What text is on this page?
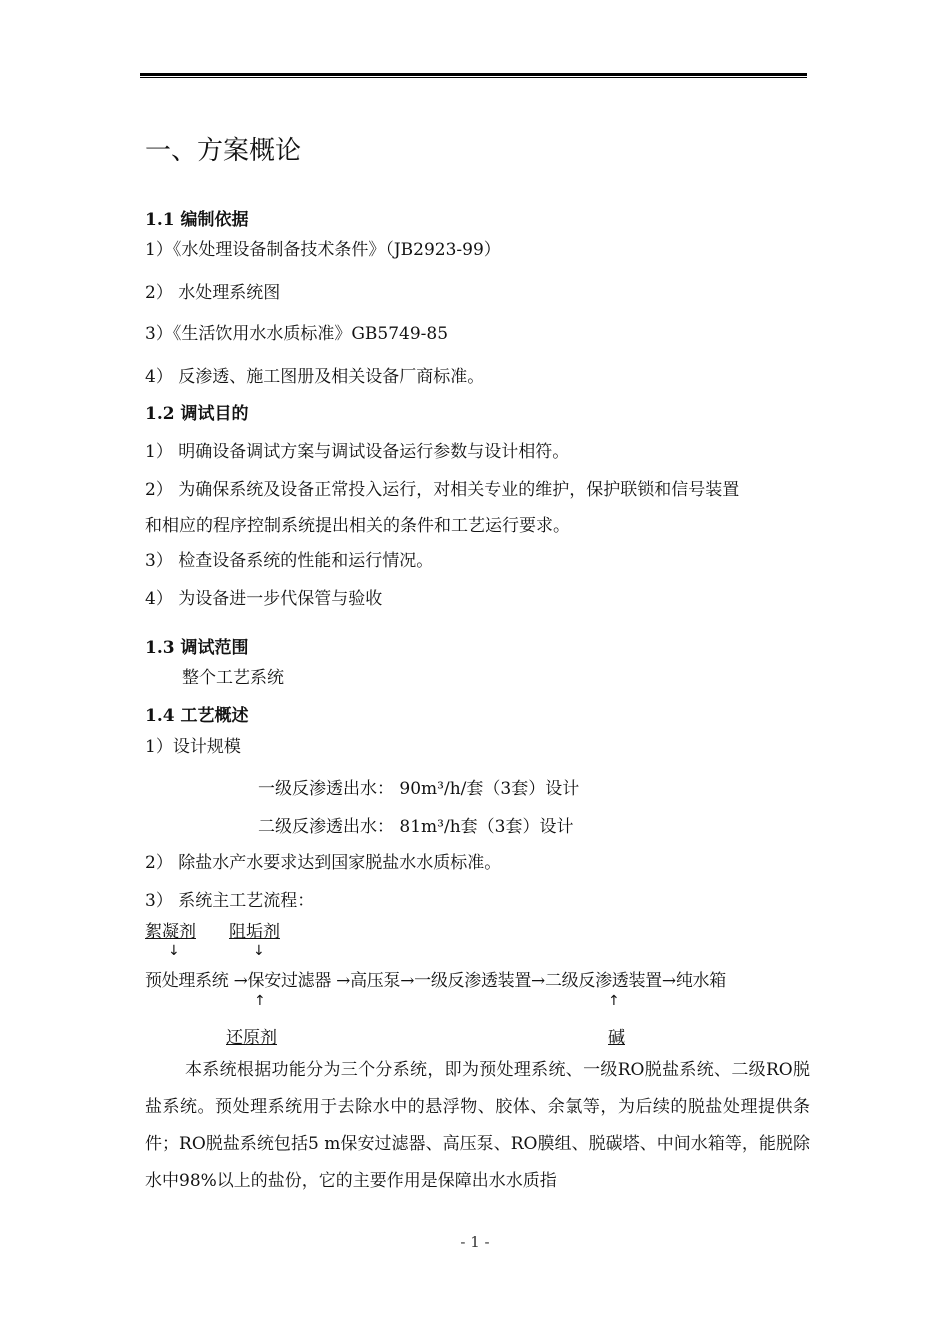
一、方案概论
1.1 编制依据
1）《水处理设备制备技术条件》（JB2923-99）
2） 水处理系统图
3）《生活饮用水水质标准》GB5749-85
4） 反渗透、施工图册及相关设备厂商标准。
1.2 调试目的
1） 明确设备调试方案与调试设备运行参数与设计相符。
2） 为确保系统及设备正常投入运行，对相关专业的维护，保护联锁和信号装置
和相应的程序控制系统提出相关的条件和工艺运行要求。
3） 检查设备系统的性能和运行情况。
4） 为设备进一步代保管与验收
1.3 调试范围
整个工艺系统
1.4 工艺概述
1）设计规模
一级反渗透出水： 90m³/h/套（3套）设计
二级反渗透出水： 81m³/h套（3套）设计
2） 除盐水产水要求达到国家脱盐水水质标准。
3） 系统主工艺流程：
絮凝剂 阻垢剂
↓	↓
预处理系统 →保安过滤器 →高压泵→一级反渗透装置→二级反渗透装置→纯水箱
↑	↑
还原剂	碱
本系统根据功能分为三个分系统，即为预处理系统、一级RO脱盐系统、二级RO脱盐系统。预处理系统用于去除水中的悬浮物、胶体、余氯等，为后续的脱盐处理提供条件；RO脱盐系统包括5 m保安过滤器、高压泵、RO膜组、脱碳塔、中间水箱等，能脱除水中98%以上的盐份，它的主要作用是保障出水水质指
- 1 -
